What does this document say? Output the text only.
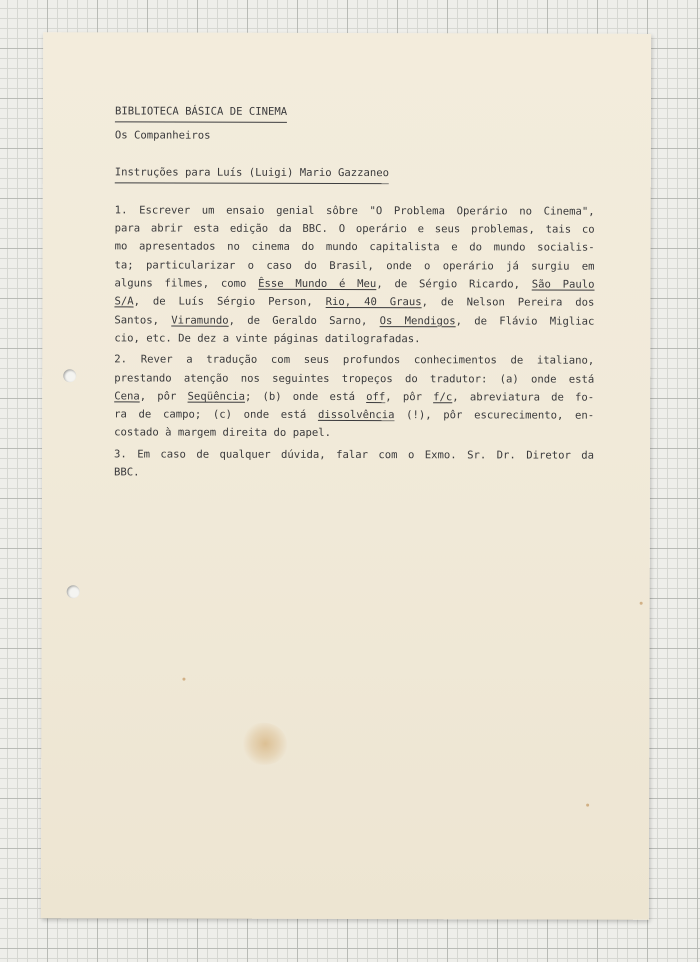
BIBLIOTECA BÁSICA DE CINEMA

Os Companheiros

Instruções para Luís (Luigi) Mario Gazzaneo

1. Escrever um ensaio genial sôbre "O Problema Operário no Cinema",
para abrir esta edição da BBC. O operário e seus problemas, tais co
mo apresentados no cinema do mundo capitalista e do mundo socialis-
ta; particularizar o caso do Brasil, onde o operário já surgiu em
alguns filmes, como Êsse Mundo é Meu, de Sérgio Ricardo, São Paulo
S/A, de Luís Sérgio Person, Rio, 40 Graus, de Nelson Pereira dos
Santos, Viramundo, de Geraldo Sarno, Os Mendigos, de Flávio Migliac
cio, etc. De dez a vinte páginas datilografadas.

2. Rever a tradução com seus profundos conhecimentos de italiano,
prestando atenção nos seguintes tropeços do tradutor: (a) onde está
Cena, pôr Seqüência; (b) onde está off, pôr f/c, abreviatura de fo-
ra de campo; (c) onde está dissolvência (!), pôr escurecimento, en-
costado à margem direita do papel.

3. Em caso de qualquer dúvida, falar com o Exmo. Sr. Dr. Diretor da
BBC.
